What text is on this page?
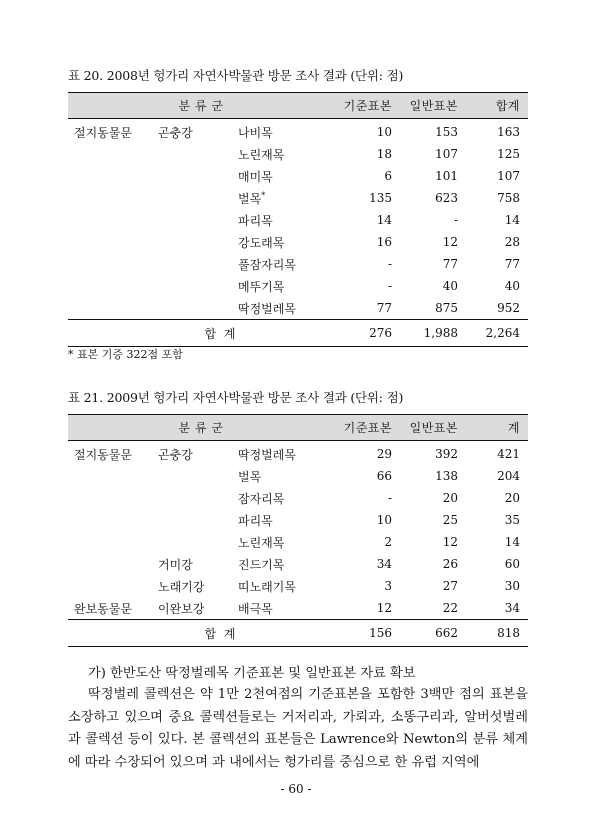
표 20. 2008년 헝가리 자연사박물관 방문 조사 결과 (단위: 점)
분 류 군			기준표본	일반표본	합계
절지동물문	곤충강	나비목	10	153	163
		노린재목	18	107	125
		매미목	6	101	107
		벌목*	135	623	758
		파리목	14	-	14
		강도래목	16	12	28
		풀잠자리목	-	77	77
		메뚜기목	-	40	40
		딱정벌레목	77	875	952
합 계			276	1,988	2,264
* 표본 기증 322점 포함
표 21. 2009년 헝가리 자연사박물관 방문 조사 결과 (단위: 점)
분 류 군			기준표본	일반표본	계
절지동물문	곤충강	딱정벌레목	29	392	421
		벌목	66	138	204
		잠자리목	-	20	20
		파리목	10	25	35
		노린재목	2	12	14
	거미강	진드기목	34	26	60
	노래기강	띠노래기목	3	27	30
완보동물문	이완보강	배극목	12	22	34
합 계			156	662	818
가) 한반도산 딱정벌레목 기준표본 및 일반표본 자료 확보

딱정벌레 콜렉션은 약 1만 2천여점의 기준표본을 포함한 3백만 점의 표본을 소장하고 있으며 중요 콜렉션들로는 거저리과, 가뢰과, 소똥구리과, 알버섯벌레과 콜렉션 등이 있다. 본 콜렉션의 표본들은 Lawrence와 Newton의 분류 체계에 따라 수장되어 있으며 과 내에서는 헝가리를 중심으로 한 유럽 지역에

- 60 -
